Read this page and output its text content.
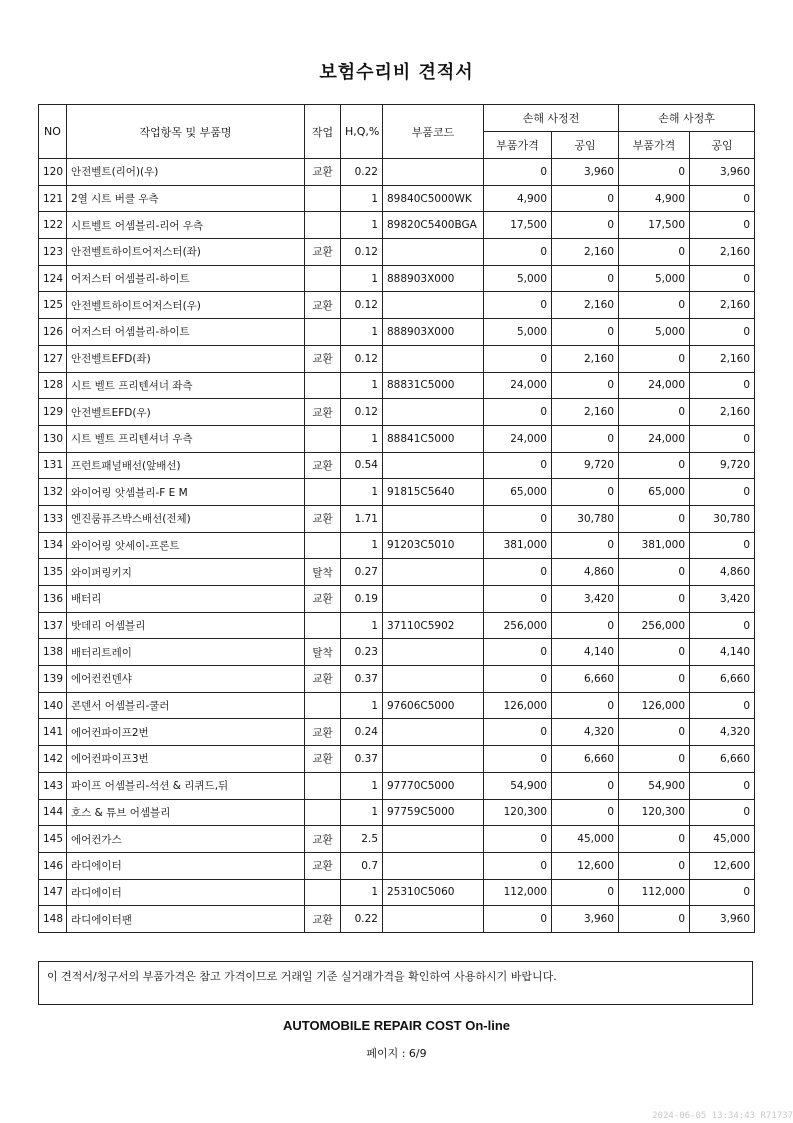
보험수리비 견적서
NO	작업항목 및 부품명	작업	H,Q,%	부품코드	손해 사정전		손해 사정후	
					부품가격	공임	부품가격	공임
120	안전벨트(리어)(우)	교환	0.22		0	3,960	0	3,960
121	2열 시트 버클 우측		1	89840C5000WK	4,900	0	4,900	0
122	시트벨트 어셈블리-리어 우측		1	89820C5400BGA	17,500	0	17,500	0
123	안전벨트하이트어저스터(좌)	교환	0.12		0	2,160	0	2,160
124	어저스터 어셈블리-하이트		1	888903X000	5,000	0	5,000	0
125	안전벨트하이트어저스터(우)	교환	0.12		0	2,160	0	2,160
126	어저스터 어셈블리-하이트		1	888903X000	5,000	0	5,000	0
127	안전벨트EFD(좌)	교환	0.12		0	2,160	0	2,160
128	시트 벨트 프리텐셔너 좌측		1	88831C5000	24,000	0	24,000	0
129	안전벨트EFD(우)	교환	0.12		0	2,160	0	2,160
130	시트 벨트 프리텐셔너 우측		1	88841C5000	24,000	0	24,000	0
131	프런트패널배선(앞배선)	교환	0.54		0	9,720	0	9,720
132	와이어링 앗셈블리-F E M		1	91815C5640	65,000	0	65,000	0
133	엔진룸퓨즈박스배선(전체)	교환	1.71		0	30,780	0	30,780
134	와이어링 앗세이-프론트		1	91203C5010	381,000	0	381,000	0
135	와이퍼링키지	탈착	0.27		0	4,860	0	4,860
136	배터리	교환	0.19		0	3,420	0	3,420
137	밧데리 어셈블리		1	37110C5902	256,000	0	256,000	0
138	배터리트레이	탈착	0.23		0	4,140	0	4,140
139	에어컨컨덴샤	교환	0.37		0	6,660	0	6,660
140	콘덴서 어셈블리-쿨러		1	97606C5000	126,000	0	126,000	0
141	에어컨파이프2번	교환	0.24		0	4,320	0	4,320
142	에어컨파이프3번	교환	0.37		0	6,660	0	6,660
143	파이프 어셈블리-석션 & 리퀴드,뒤		1	97770C5000	54,900	0	54,900	0
144	호스 & 튜브 어셈블리		1	97759C5000	120,300	0	120,300	0
145	에어컨가스	교환	2.5		0	45,000	0	45,000
146	라디에이터	교환	0.7		0	12,600	0	12,600
147	라디에이터		1	25310C5060	112,000	0	112,000	0
148	라디에이터팬	교환	0.22		0	3,960	0	3,960
이 견적서/청구서의 부품가격은 참고 가격이므로 거래일 기준 실거래가격을 확인하여 사용하시기 바랍니다.
AUTOMOBILE REPAIR COST On-line
페이지 : 6/9
2024-06-05 13:34:43 R71737
